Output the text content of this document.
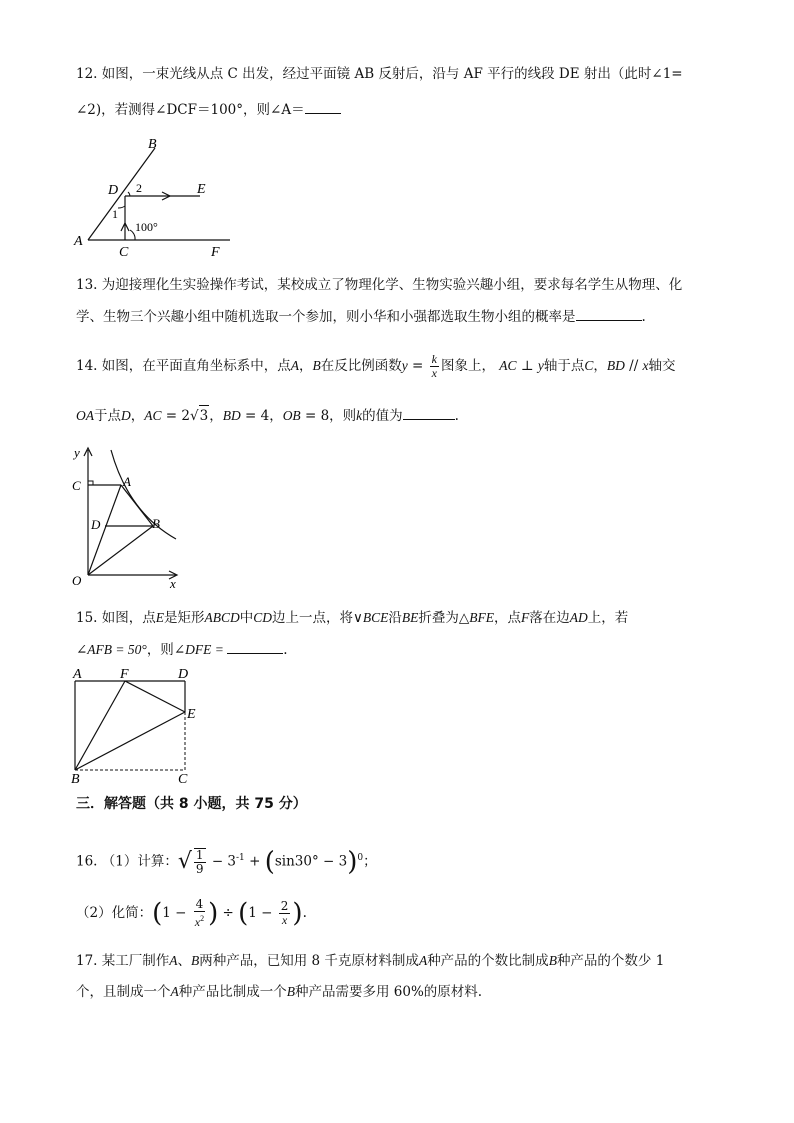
12. 如图，一束光线从点 C 出发，经过平面镜 AB 反射后，沿与 AF 平行的线段 DE 射出（此时∠1=
∠2)，若测得∠DCF＝100°，则∠A＝
B
D 2	E
1
100°
A
C	F
13. 为迎接理化生实验操作考试，某校成立了物理化学、生物实验兴趣小组，要求每名学生从物理、化
学、生物三个兴趣小组中随机选取一个参加，则小华和小强都选取生物小组的概率是	.
14. 如图，在平面直角坐标系中，点A，B在反比例函数$y = \frac{k}{x}$ 图象上， AC ⊥ y轴于点C，BD // x轴交
OA于点D，AC = 2√3，BD = 4，OB = 8，则k的值为	.
y
C	A
D	B
O	x
15. 如图，点E是矩形ABCD中CD边上一点，将∨BCE沿BE折叠为△BFE，点F落在边AD上，若
∠AFB = 50°，则∠DFE =	.
A	F	D
E
B	C
三．解答题（共 8 小题，共 75 分）
16. （1）计算：√ $\frac{1}{9} - 3^{-1} + (\sin 30^\circ - 3)^0$；
（2）化简：($1 - \frac{4}{x^2}$ ) ÷ ($1 - \frac{2}{x}$ ).
17. 某工厂制作A、B两种产品，已知用 8 千克原材料制成A种产品的个数比制成B种产品的个数少 1
个，且制成一个A种产品比制成一个B种产品需要多用 60%的原材料.
